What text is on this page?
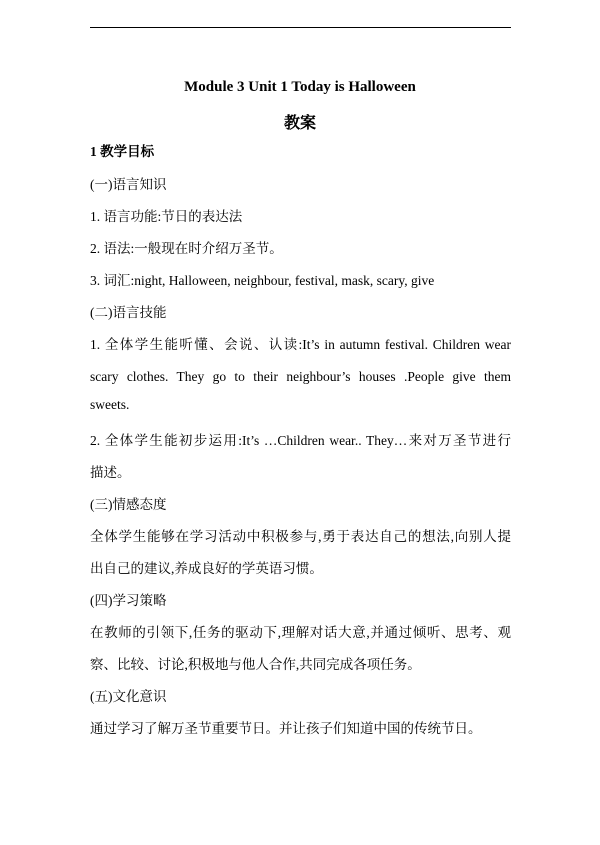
Module 3 Unit 1 Today is Halloween
教案

1 教学目标

(一)语言知识

1. 语言功能:节日的表达法

2. 语法:一般现在时介绍万圣节。

3. 词汇:night, Halloween, neighbour, festival, mask, scary, give

(二)语言技能

1. 全体学生能听懂、会说、认读:It’s in autumn festival. Children wear

scary clothes. They go to their neighbour’s houses .People give them

sweets.

2. 全体学生能初步运用:It’s …Children wear.. They…来对万圣节进行

描述。

(三)情感态度

全体学生能够在学习活动中积极参与,勇于表达自己的想法,向别人提

出自己的建议,养成良好的学英语习惯。

(四)学习策略

在教师的引领下,任务的驱动下,理解对话大意,并通过倾听、思考、观

察、比较、讨论,积极地与他人合作,共同完成各项任务。

(五)文化意识

通过学习了解万圣节重要节日。并让孩子们知道中国的传统节日。
